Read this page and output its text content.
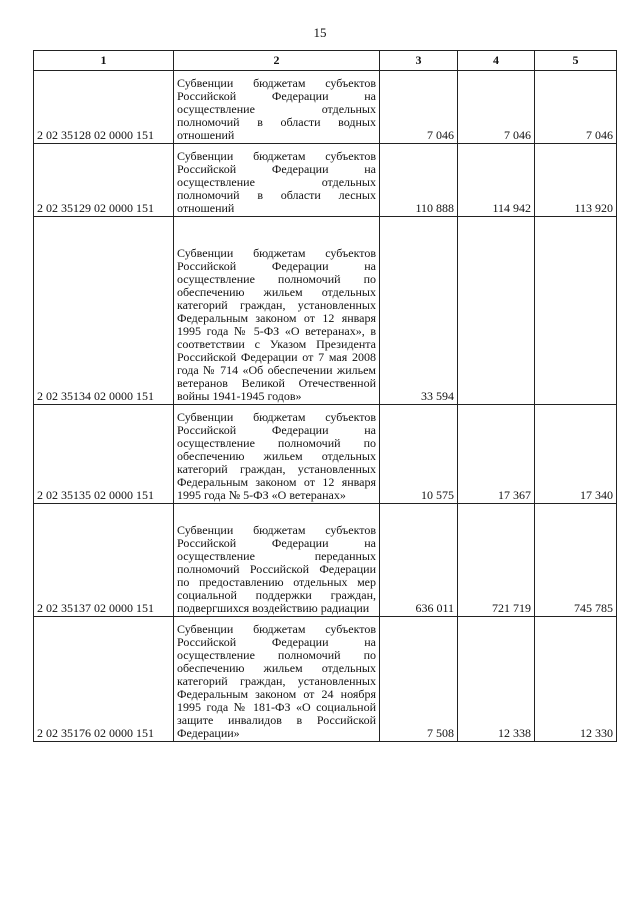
15
1	2	3	4	5
2 02 35128 02 0000 151	Субвенции бюджетам субъектов Российской Федерации на осуществление отдельных полномочий в области водных отношений	7 046	7 046	7 046
2 02 35129 02 0000 151	Субвенции бюджетам субъектов Российской Федерации на осуществление отдельных полномочий в области лесных отношений	110 888	114 942	113 920
2 02 35134 02 0000 151	Субвенции бюджетам субъектов Российской Федерации на осуществление полномочий по обеспечению жильем отдельных категорий граждан, установленных Федеральным законом от 12 января 1995 года № 5-ФЗ «О ветеранах», в соответствии с Указом Президента Российской Федерации от 7 мая 2008 года № 714 «Об обеспечении жильем ветеранов Великой Отечественной войны 1941-1945 годов»	33 594		
2 02 35135 02 0000 151	Субвенции бюджетам субъектов Российской Федерации на осуществление полномочий по обеспечению жильем отдельных категорий граждан, установленных Федеральным законом от 12 января 1995 года № 5-ФЗ «О ветеранах»	10 575	17 367	17 340
2 02 35137 02 0000 151	Субвенции бюджетам субъектов Российской Федерации на осуществление переданных полномочий Российской Федерации по предоставлению отдельных мер социальной поддержки граждан, подвергшихся воздействию радиации	636 011	721 719	745 785
2 02 35176 02 0000 151	Субвенции бюджетам субъектов Российской Федерации на осуществление полномочий по обеспечению жильем отдельных категорий граждан, установленных Федеральным законом от 24 ноября 1995 года № 181-ФЗ «О социальной защите инвалидов в Российской Федерации»	7 508	12 338	12 330
